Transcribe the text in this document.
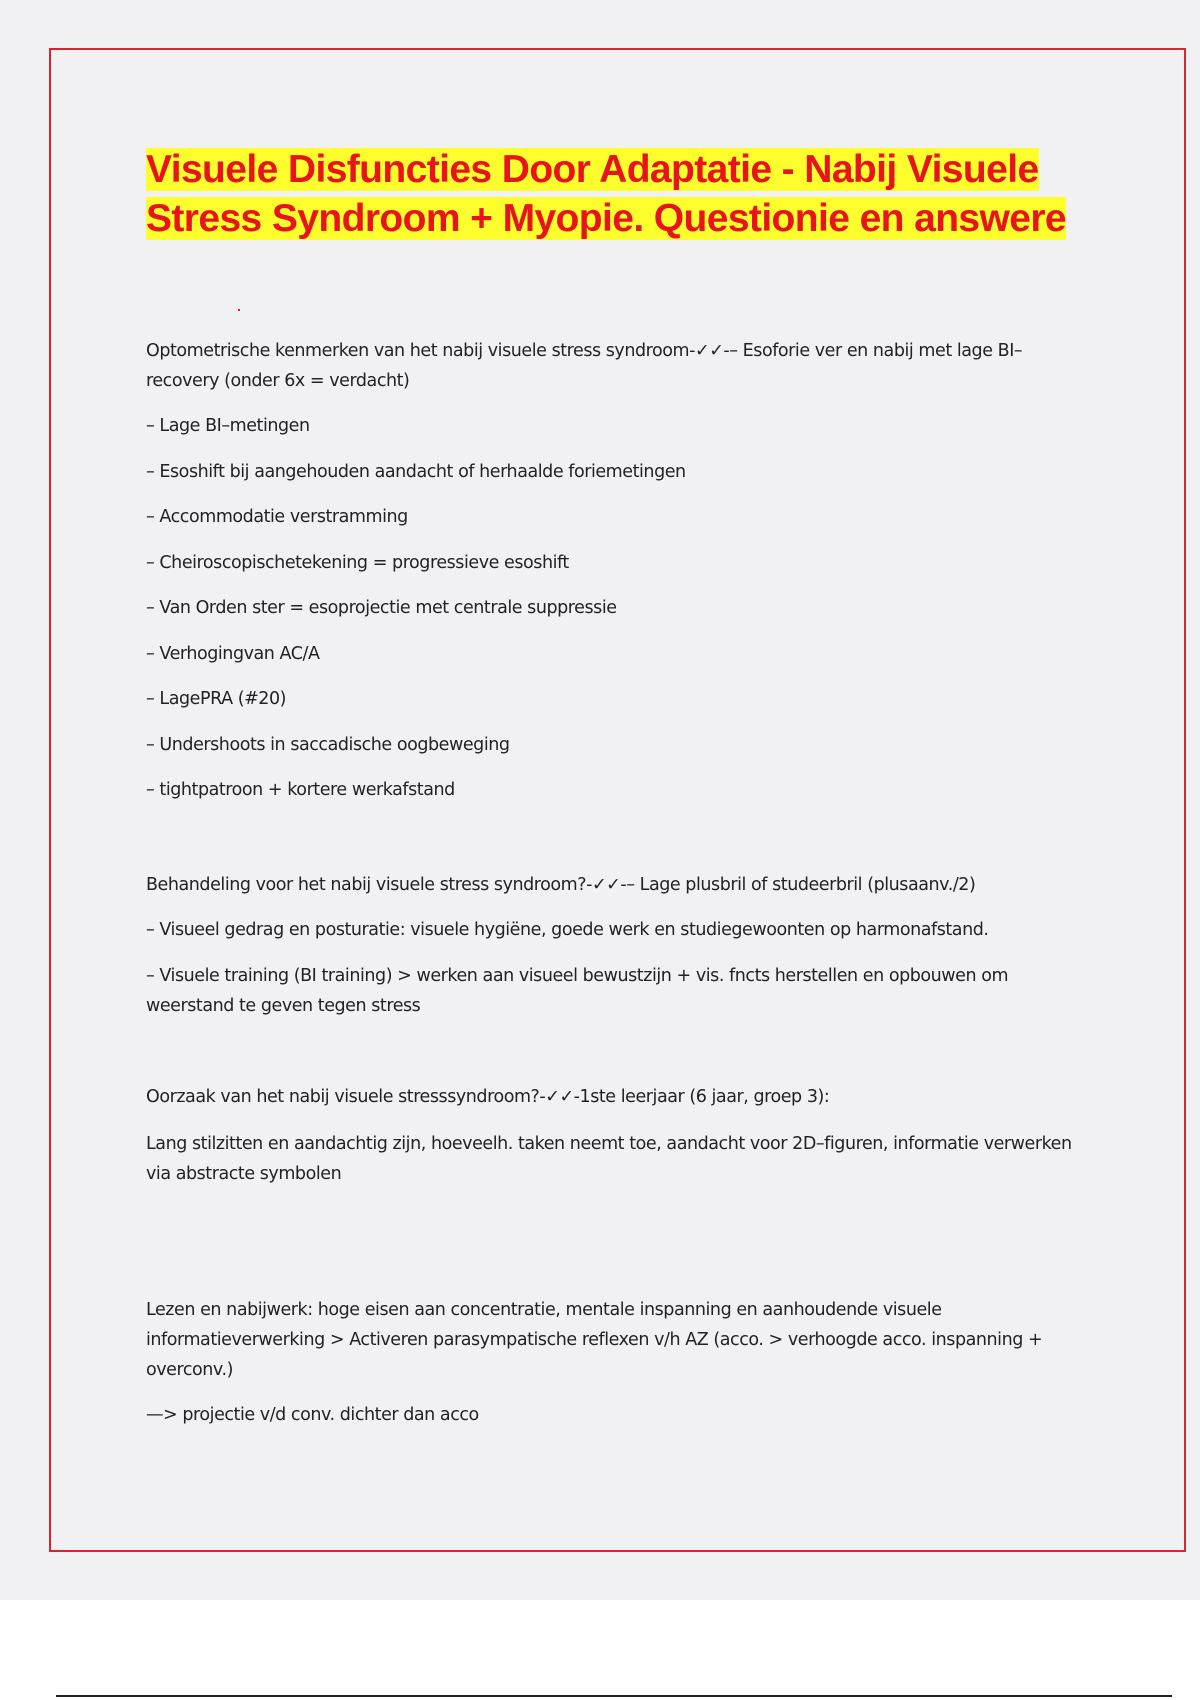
Visuele Disfuncties Door Adaptatie - Nabij Visuele Stress Syndroom + Myopie. Questionie en answere

Optometrische kenmerken van het nabij visuele stress syndroom-✓✓-– Esoforie ver en nabij met lage BI–recovery (onder 6x = verdacht)

– Lage BI–metingen

– Esoshift bij aangehouden aandacht of herhaalde foriemetingen

– Accommodatie verstramming

– Cheiroscopischetekening = progressieve esoshift

– Van Orden ster = esoprojectie met centrale suppressie

– Verhogingvan AC/A

– LagePRA (#20)

– Undershoots in saccadische oogbeweging

– tightpatroon + kortere werkafstand

Behandeling voor het nabij visuele stress syndroom?-✓✓-– Lage plusbril of studeerbril (plusaanv./2)

– Visueel gedrag en posturatie: visuele hygiëne, goede werk en studiegewoonten op harmonafstand.

– Visuele training (BI training) > werken aan visueel bewustzijn + vis. fncts herstellen en opbouwen om weerstand te geven tegen stress

Oorzaak van het nabij visuele stresssyndroom?-✓✓-1ste leerjaar (6 jaar, groep 3):

Lang stilzitten en aandachtig zijn, hoeveelh. taken neemt toe, aandacht voor 2D–figuren, informatie verwerken via abstracte symbolen

Lezen en nabijwerk: hoge eisen aan concentratie, mentale inspanning en aanhoudende visuele informatieverwerking > Activeren parasympatische reflexen v/h AZ (acco. > verhoogde acco. inspanning + overconv.)

—> projectie v/d conv. dichter dan acco
